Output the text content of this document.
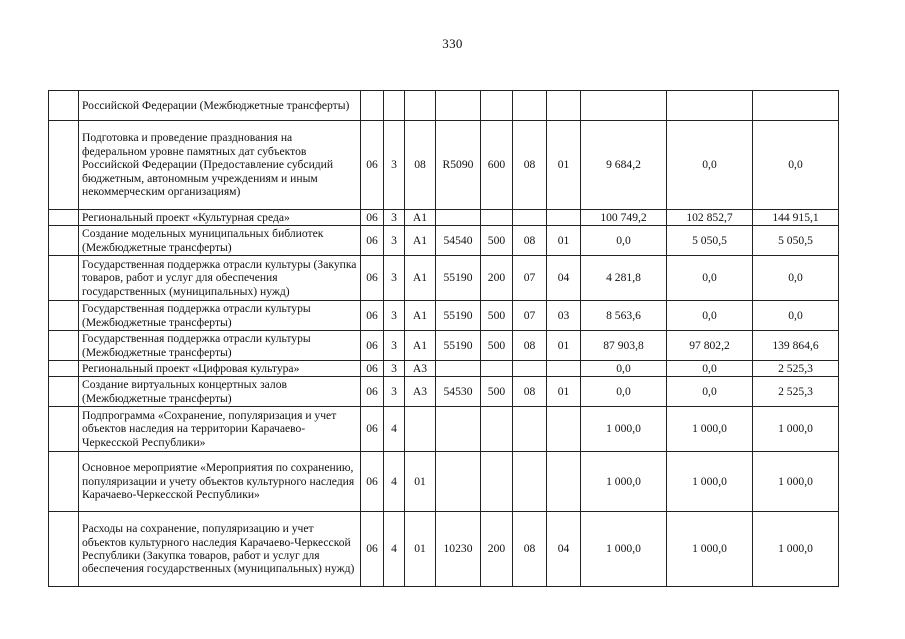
330
	Российской Федерации (Межбюджетные трансферты)										
	Подготовка и проведение празднования на федеральном уровне памятных дат субъектов Российской Федерации (Предоставление субсидий бюджетным, автономным учреждениям и иным некоммерческим организациям)	06	3	08	R5090	600	08	01	9 684,2	0,0	0,0
	Региональный проект «Культурная среда»	06	3	А1					100 749,2	102 852,7	144 915,1
	Создание модельных муниципальных библиотек (Межбюджетные трансферты)	06	3	А1	54540	500	08	01	0,0	5 050,5	5 050,5
	Государственная поддержка отрасли культуры (Закупка товаров, работ и услуг для обеспечения государственных (муниципальных) нужд)	06	3	А1	55190	200	07	04	4 281,8	0,0	0,0
	Государственная поддержка отрасли культуры (Межбюджетные трансферты)	06	3	А1	55190	500	07	03	8 563,6	0,0	0,0
	Государственная поддержка отрасли культуры (Межбюджетные трансферты)	06	3	А1	55190	500	08	01	87 903,8	97 802,2	139 864,6
	Региональный проект «Цифровая культура»	06	3	А3					0,0	0,0	2 525,3
	Создание виртуальных концертных залов (Межбюджетные трансферты)	06	3	А3	54530	500	08	01	0,0	0,0	2 525,3
	Подпрограмма «Сохранение, популяризация и учет объектов наследия на территории Карачаево-Черкесской Республики»	06	4						1 000,0	1 000,0	1 000,0
	Основное мероприятие «Мероприятия по сохранению, популяризации и учету объектов культурного наследия Карачаево-Черкесской Республики»	06	4	01					1 000,0	1 000,0	1 000,0
	Расходы на сохранение, популяризацию и учет объектов культурного наследия Карачаево-Черкесской Республики (Закупка товаров, работ и услуг для обеспечения государственных (муниципальных) нужд)	06	4	01	10230	200	08	04	1 000,0	1 000,0	1 000,0
